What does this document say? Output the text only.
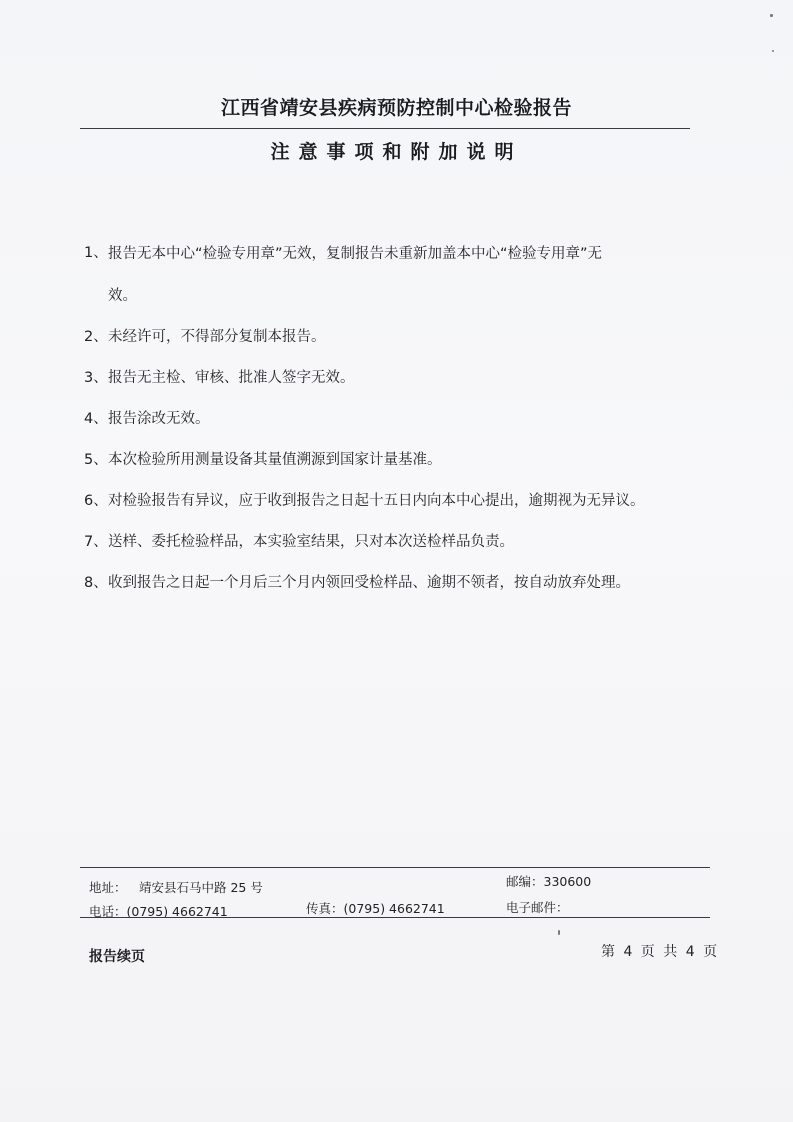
江西省靖安县疾病预防控制中心检验报告
注意事项和附加说明
1、 报告无本中心“检验专用章”无效，复制报告未重新加盖本中心“检验专用章”无
效。
2、 未经许可，不得部分复制本报告。
3、 报告无主检、审核、批准人签字无效。
4、 报告涂改无效。
5、 本次检验所用测量设备其量值溯源到国家计量基准。
6、 对检验报告有异议，应于收到报告之日起十五日内向本中心提出，逾期视为无异议。
7、 送样、委托检验样品，本实验室结果，只对本次送检样品负责。
8、 收到报告之日起一个月后三个月内领回受检样品、逾期不领者，按自动放弃处理。
地址： 靖安县石马中路 25 号	邮编：330600
电话：(0795) 4662741	传真：(0795) 4662741	电子邮件：
报告续页	第 4 页 共 4 页
